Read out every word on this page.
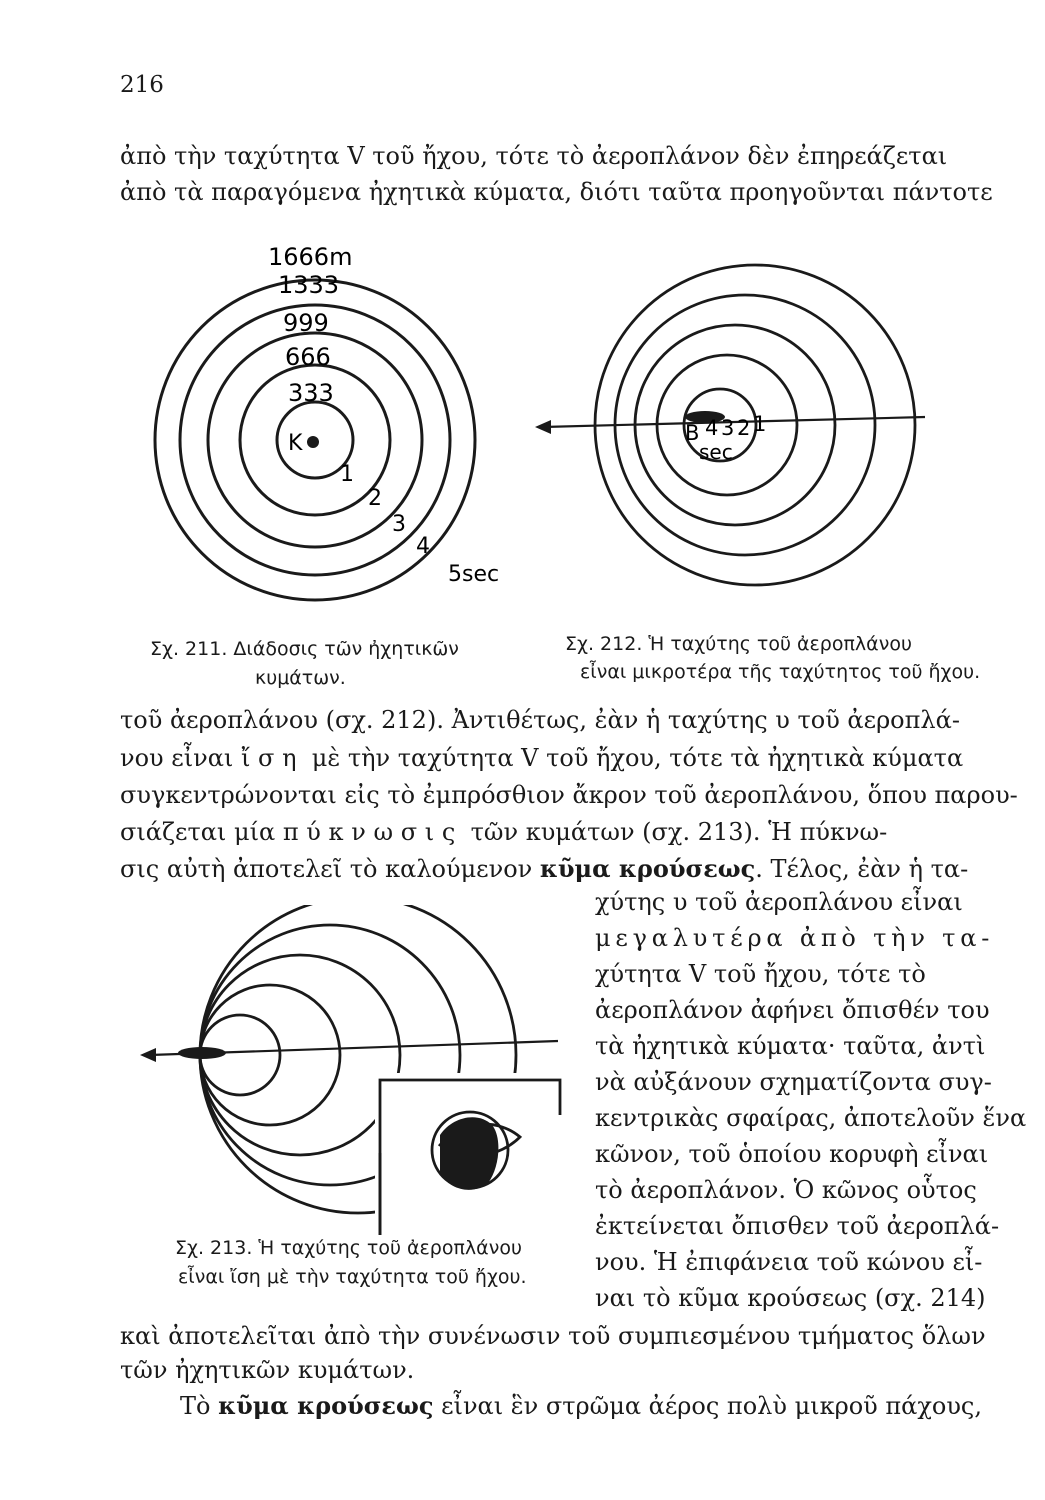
216
ἀπὸ τὴν ταχύτητα V τοῦ ἤχου, τότε τὸ ἀεροπλάνον δὲν ἐπηρεάζεται
ἀπὸ τὰ παραγόμενα ἠχητικὰ κύματα, διότι ταῦτα προηγοῦνται πάντοτε
1666m
1333
999
666
333
K
1
2
3
4
5sec
B 4 3 2 1
sec
Σχ. 211. Διάδοσις τῶν ἠχητικῶν
κυμάτων.
Σχ. 212. Ἡ ταχύτης τοῦ ἀεροπλάνου
εἶναι μικροτέρα τῆς ταχύτητος τοῦ ἤχου.
τοῦ ἀεροπλάνου (σχ. 212). Ἀντιθέτως, ἐὰν ἡ ταχύτης υ τοῦ ἀεροπλά-
νου εἶναι ἴση μὲ τὴν ταχύτητα V τοῦ ἤχου, τότε τὰ ἠχητικὰ κύματα
συγκεντρώνονται εἰς τὸ ἐμπρόσθιον ἄκρον τοῦ ἀεροπλάνου, ὅπου παρου-
σιάζεται μία πύκνωσις τῶν κυμάτων (σχ. 213). Ἡ πύκνω-
σις αὐτὴ ἀποτελεῖ τὸ καλούμενον κῦμα κρούσεως. Τέλος, ἐὰν ἡ τα-
χύτης υ τοῦ ἀεροπλάνου εἶναι
μεγαλυτέρα ἀπὸ τὴν τα-
χύτητα V τοῦ ἤχου, τότε τὸ
ἀεροπλάνον ἀφήνει ὄπισθέν του
τὰ ἠχητικὰ κύματα· ταῦτα, ἀντὶ
νὰ αὐξάνουν σχηματίζοντα συγ-
κεντρικὰς σφαίρας, ἀποτελοῦν ἕνα
κῶνον, τοῦ ὁποίου κορυφὴ εἶναι
τὸ ἀεροπλάνον. Ὁ κῶνος οὗτος
ἐκτείνεται ὄπισθεν τοῦ ἀεροπλά-
νου. Ἡ ἐπιφάνεια τοῦ κώνου εἶ-
ναι τὸ κῦμα κρούσεως (σχ. 214)
Σχ. 213. Ἡ ταχύτης τοῦ ἀεροπλάνου
εἶναι ἴση μὲ τὴν ταχύτητα τοῦ ἤχου.
καὶ ἀποτελεῖται ἀπὸ τὴν συνένωσιν τοῦ συμπιεσμένου τμήματος ὅλων
τῶν ἠχητικῶν κυμάτων.
Τὸ κῦμα κρούσεως εἶναι ἓν στρῶμα ἀέρος πολὺ μικροῦ πάχους,
